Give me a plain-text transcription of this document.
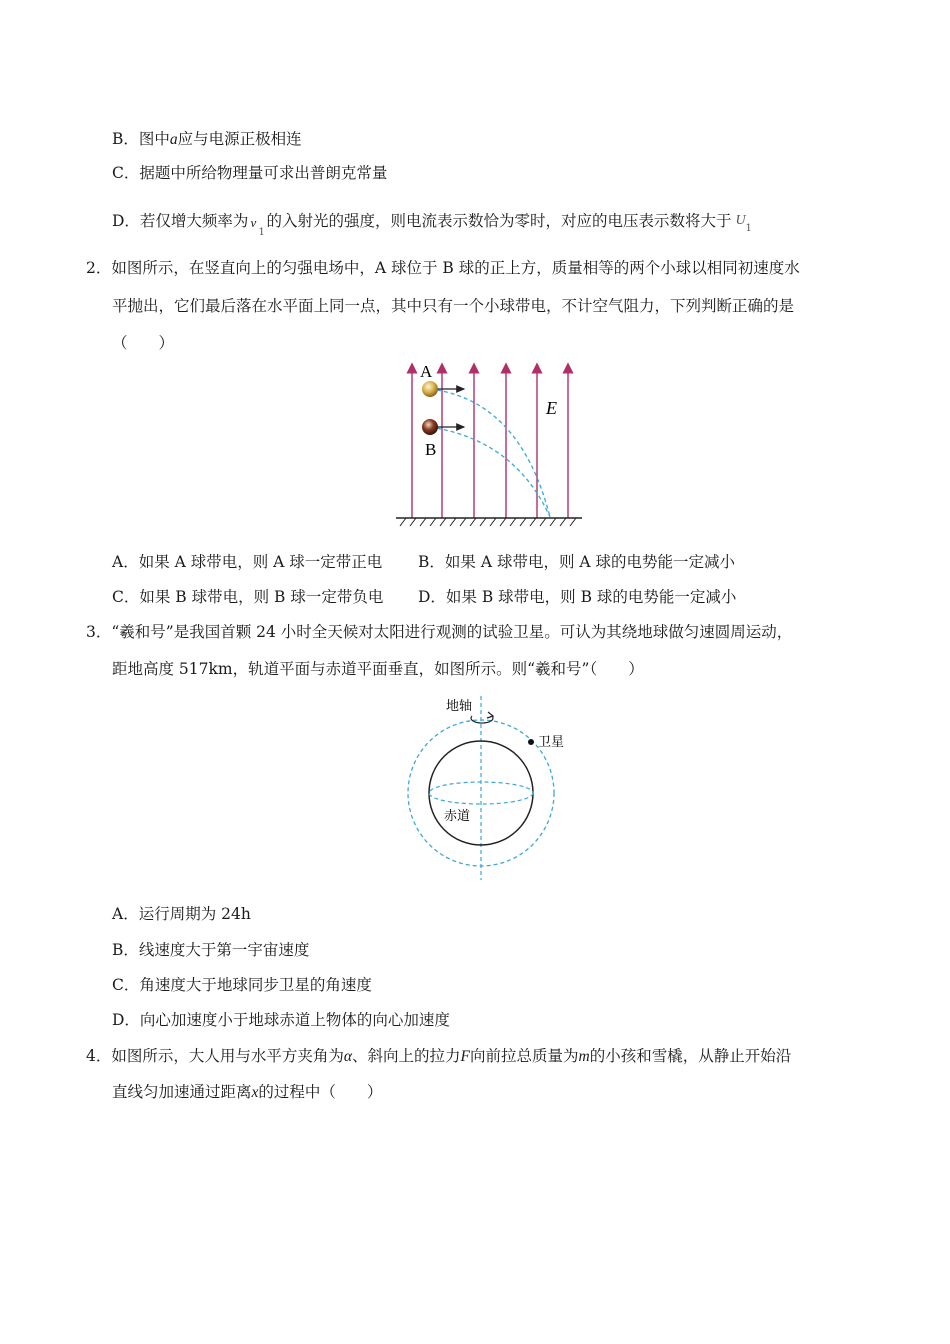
B．图中a应与电源正极相连
C．据题中所给物理量可求出普朗克常量
D．若仅增大频率为 ν
1
的入射光的强度，则电流表示数恰为零时，对应的电压表示数将大于 U
1
2．如图所示，在竖直向上的匀强电场中，A 球位于 B 球的正上方，质量相等的两个小球以相同初速度水
平抛出，它们最后落在水平面上同一点，其中只有一个小球带电，不计空气阻力，下列判断正确的是
（　　）
A
B
E
A．如果 A 球带电，则 A 球一定带正电 B．如果 A 球带电，则 A 球的电势能一定减小
C．如果 B 球带电，则 B 球一定带负电 D．如果 B 球带电，则 B 球的电势能一定减小
3．“羲和号”是我国首颗 24 小时全天候对太阳进行观测的试验卫星。可认为其绕地球做匀速圆周运动，
距地高度 517km，轨道平面与赤道平面垂直，如图所示。则“羲和号”（　　）
地轴
卫星
赤道
A．运行周期为 24h
B．线速度大于第一宇宙速度
C．角速度大于地球同步卫星的角速度
D．向心加速度小于地球赤道上物体的向心加速度
4．如图所示，大人用与水平方夹角为α、斜向上的拉力F向前拉总质量为m的小孩和雪橇，从静止开始沿
直线匀加速通过距离x的过程中（　　）
